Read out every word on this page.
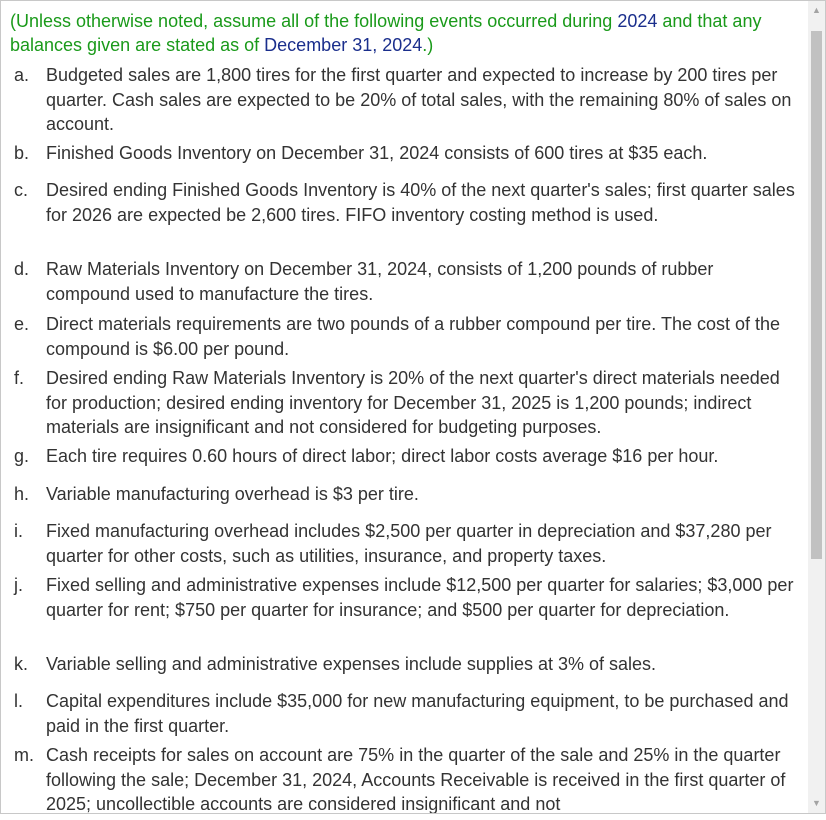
(Unless otherwise noted, assume all of the following events occurred during 2024 and that any balances given are stated as of December 31, 2024.)
a. Budgeted sales are 1,800 tires for the first quarter and expected to increase by 200 tires per quarter. Cash sales are expected to be 20% of total sales, with the remaining 80% of sales on account.
b. Finished Goods Inventory on December 31, 2024 consists of 600 tires at $35 each.
c. Desired ending Finished Goods Inventory is 40% of the next quarter's sales; first quarter sales for 2026 are expected be 2,600 tires. FIFO inventory costing method is used.
d. Raw Materials Inventory on December 31, 2024, consists of 1,200 pounds of rubber compound used to manufacture the tires.
e. Direct materials requirements are two pounds of a rubber compound per tire. The cost of the compound is $6.00 per pound.
f.	Desired ending Raw Materials Inventory is 20% of the next quarter's direct materials needed for production; desired ending inventory for December 31, 2025 is 1,200 pounds; indirect materials are insignificant and not considered for budgeting purposes.
g. Each tire requires 0.60 hours of direct labor; direct labor costs average $16 per hour.
h. Variable manufacturing overhead is $3 per tire.
i.	Fixed manufacturing overhead includes $2,500 per quarter in depreciation and $37,280 per quarter for other costs, such as utilities, insurance, and property taxes.
j.	Fixed selling and administrative expenses include $12,500 per quarter for salaries; $3,000 per quarter for rent; $750 per quarter for insurance; and $500 per quarter for depreciation.
k. Variable selling and administrative expenses include supplies at 3% of sales.
l.	Capital expenditures include $35,000 for new manufacturing equipment, to be purchased and paid in the first quarter.
m. Cash receipts for sales on account are 75% in the quarter of the sale and 25% in the quarter following the sale; December 31, 2024, Accounts Receivable is received in the first quarter of 2025; uncollectible accounts are considered insignificant and not
▲
▼
